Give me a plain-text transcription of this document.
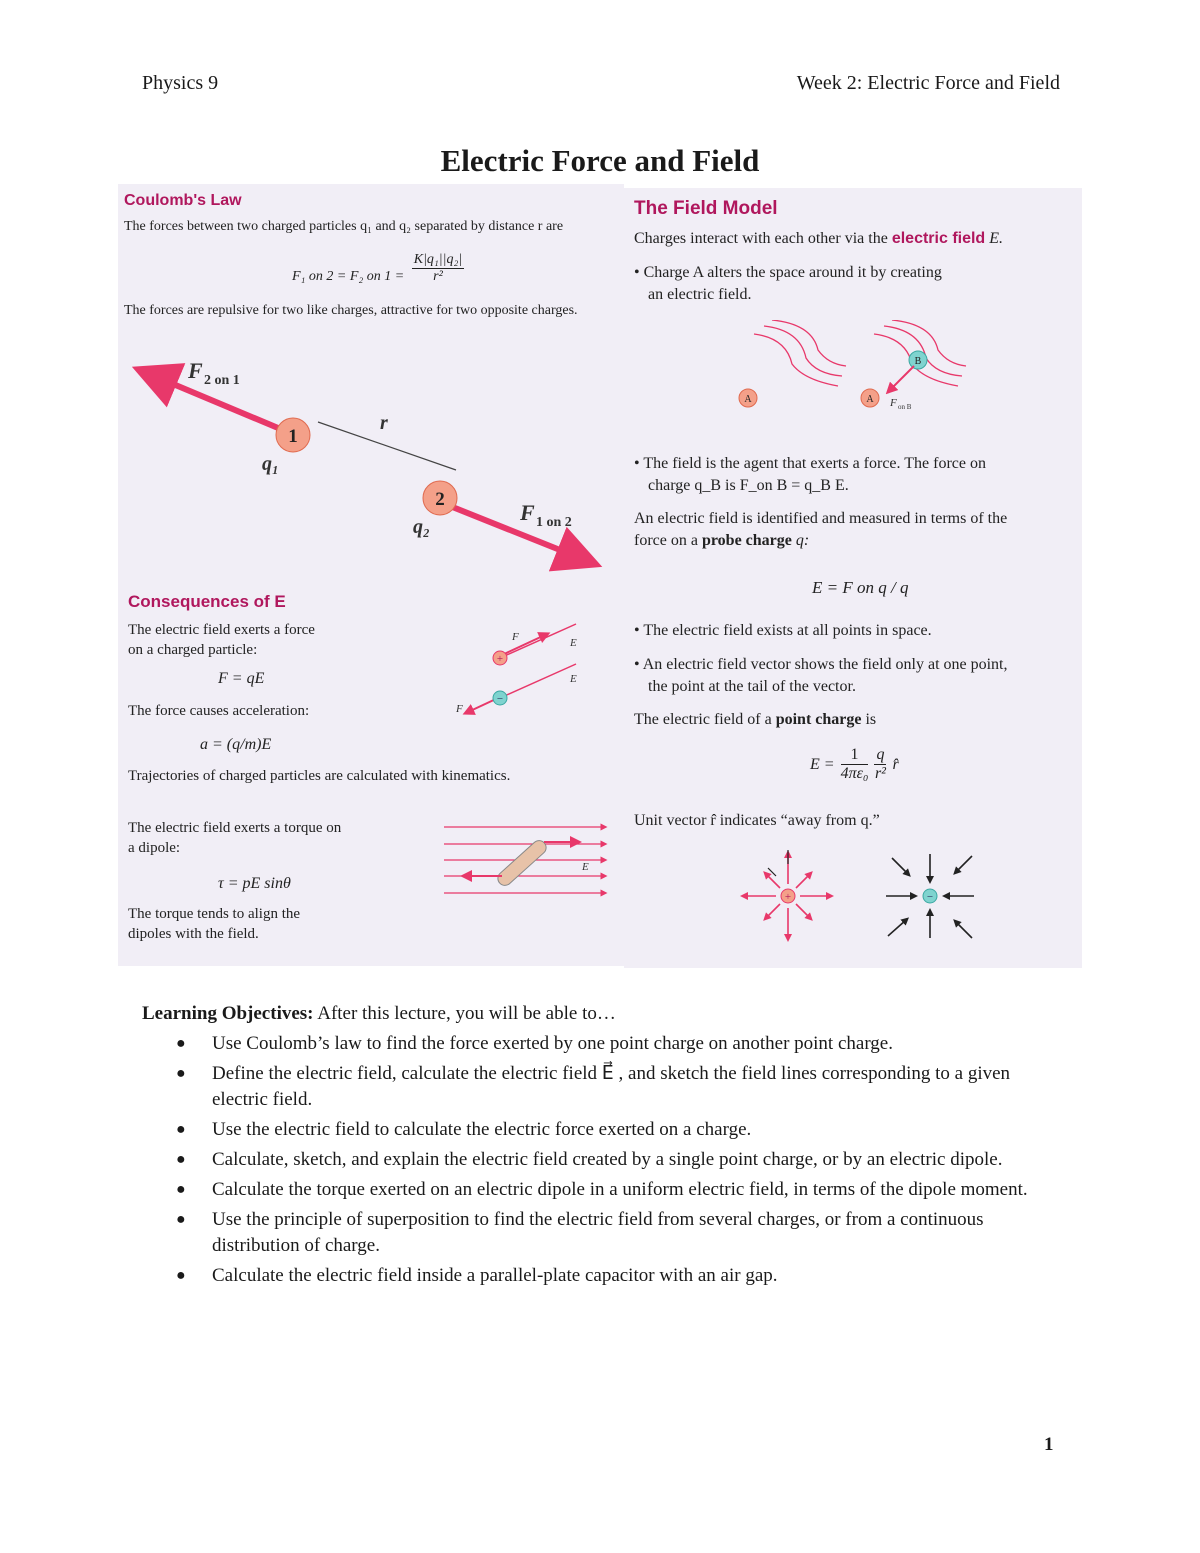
Physics 9	Week 2: Electric Force and Field
Electric Force and Field
Coulomb's Law
The forces between two charged particles q₁ and q₂ separated by distance r are
F₁ on 2 = F₂ on $1 = \frac{\text{K|q₁||q₂|}}{\text{r²}}$
The forces are repulsive for two like charges, attractive for two opposite charges.
1
2
q₁
q₂
r
F 2 on 1
F 1 on 2
Consequences of E
The electric field exerts a force
on a charged particle:
F = qE
The force causes acceleration:
a = (q/m)E
Trajectories of charged particles are calculated with kinematics.
The electric field exerts a torque on
a dipole:
τ = pE sinθ
The torque tends to align the
dipoles with the field.
+
−
F	E
E
F
E
The Field Model
Charges interact with each other via the electric field E.
• Charge A alters the space around it by creating
an electric field.
A	A
B
F on B
• The field is the agent that exerts a force. The force on
charge q_B is F_on B = q_B E.
An electric field is identified and measured in terms of the
force on a probe charge q:
E = F on q / q
• The electric field exists at all points in space.
• An electric field vector shows the field only at one point,
the point at the tail of the vector.
The electric field of a point charge is
$E = \frac{1}{\text{4πε₀}}$ q
r²
r̂
Unit vector r̂ indicates “away from q.”
+	−
Learning Objectives: After this lecture, you will be able to…
● Use Coulomb’s law to find the force exerted by one point charge on another point charge.
● Define the electric field, calculate the electric field E⃗ , and sketch the field lines corresponding to a given electric field.
● Use the electric field to calculate the electric force exerted on a charge.
● Calculate, sketch, and explain the electric field created by a single point charge, or by an electric dipole.
● Calculate the torque exerted on an electric dipole in a uniform electric field, in terms of the dipole moment.
● Use the principle of superposition to find the electric field from several charges, or from a continuous distribution of charge.
● Calculate the electric field inside a parallel-plate capacitor with an air gap.
1
